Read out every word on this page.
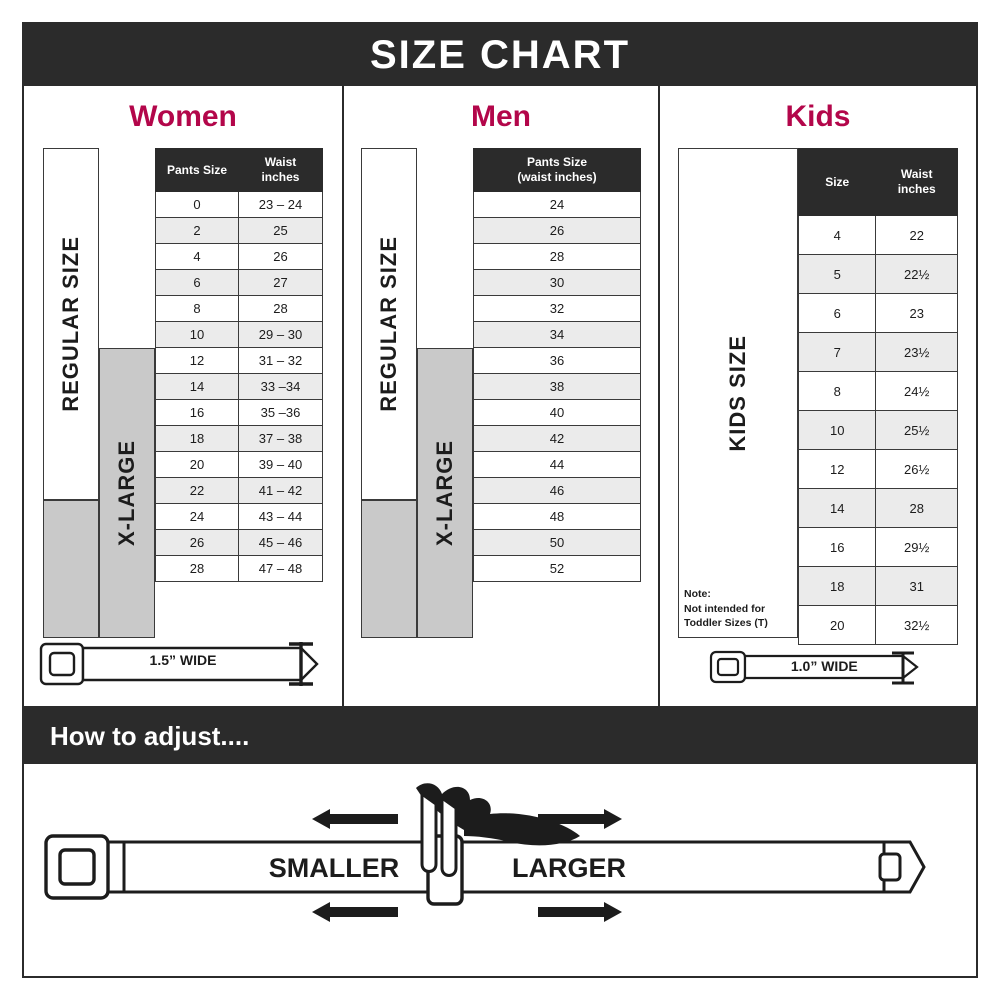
SIZE CHART
Women
REGULAR SIZE
X-LARGE
Pants Size	Waist
inches
0	23 – 24
2	25
4	26
6	27
8	28
10	29 – 30
12	31 – 32
14	33 –34
16	35 –36
18	37 – 38
20	39 – 40
22	41 – 42
24	43 – 44
26	45 – 46
28	47 – 48
1.5” WIDE
Men
REGULAR SIZE
X-LARGE
Pants Size
(waist inches)
24
26
28
30
32
34
36
38
40
42
44
46
48
50
52
Kids
KIDS SIZE
Note:
Not intended for
Toddler Sizes (T)
Size	Waist
inches
4	22
5	22½
6	23
7	23½
8	24½
10	25½
12	26½
14	28
16	29½
18	31
20	32½
1.0” WIDE
How to adjust....
SMALLER	LARGER
